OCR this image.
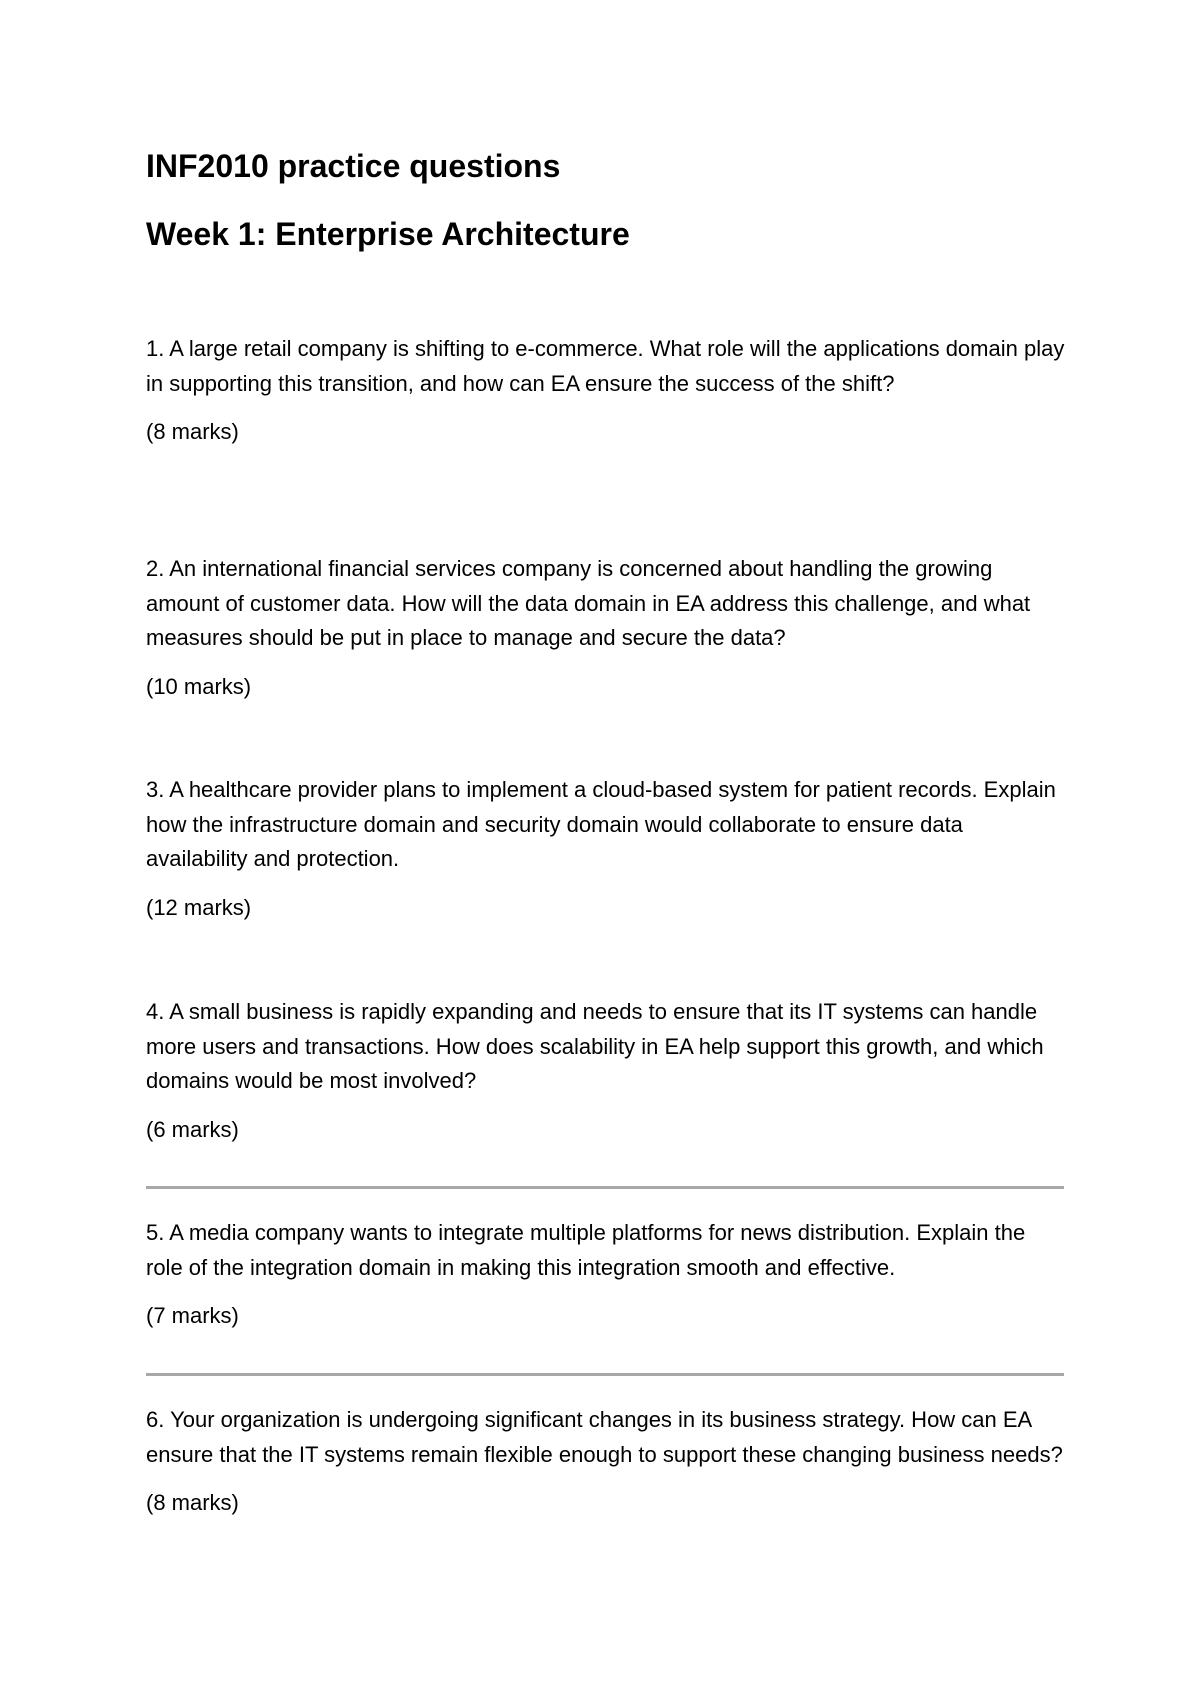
INF2010 practice questions
Week 1: Enterprise Architecture

1. A large retail company is shifting to e-commerce. What role will the applications domain play in supporting this transition, and how can EA ensure the success of the shift?

(8 marks)

2. An international financial services company is concerned about handling the growing amount of customer data. How will the data domain in EA address this challenge, and what measures should be put in place to manage and secure the data?

(10 marks)

3. A healthcare provider plans to implement a cloud-based system for patient records. Explain how the infrastructure domain and security domain would collaborate to ensure data availability and protection.

(12 marks)

4. A small business is rapidly expanding and needs to ensure that its IT systems can handle more users and transactions. How does scalability in EA help support this growth, and which domains would be most involved?

(6 marks)

5. A media company wants to integrate multiple platforms for news distribution. Explain the role of the integration domain in making this integration smooth and effective.

(7 marks)

6. Your organization is undergoing significant changes in its business strategy. How can EA ensure that the IT systems remain flexible enough to support these changing business needs?

(8 marks)
